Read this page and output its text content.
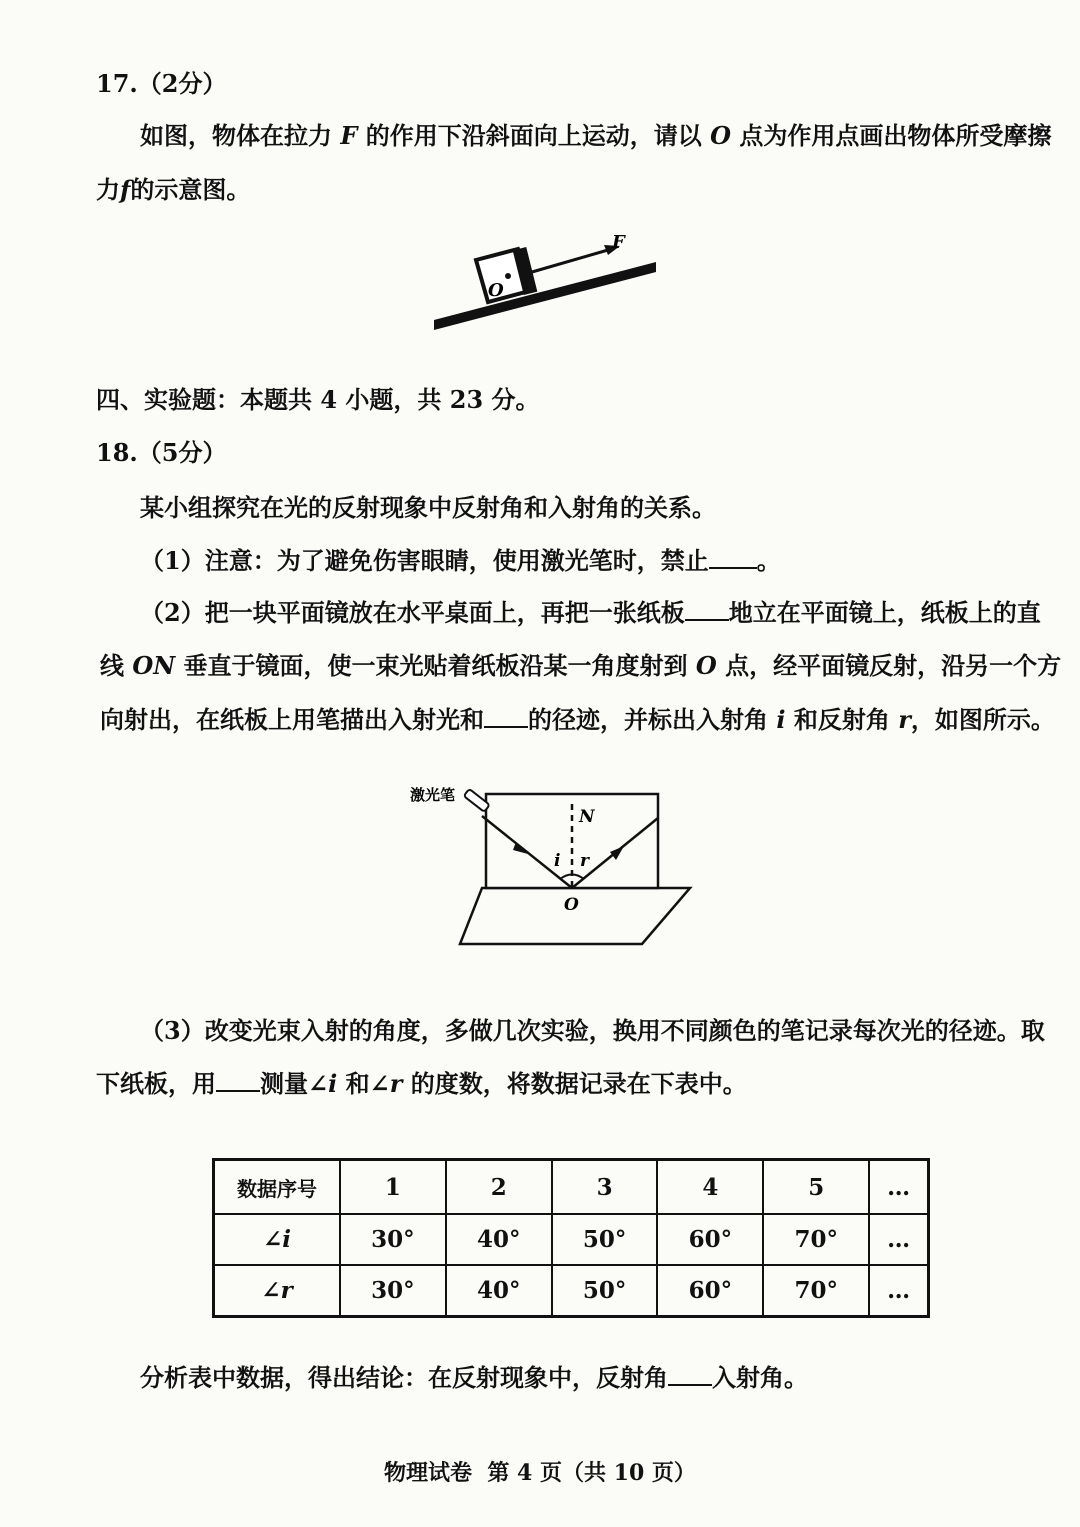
17.（2分）
如图，物体在拉力 F 的作用下沿斜面向上运动，请以 O 点为作用点画出物体所受摩擦
力f的示意图。
F
O
四、实验题：本题共 4 小题，共 23 分。
18.（5分）
某小组探究在光的反射现象中反射角和入射角的关系。
（1）注意：为了避免伤害眼睛，使用激光笔时，禁止 。
（2）把一块平面镜放在水平桌面上，再把一张纸板 地立在平面镜上，纸板上的直
线 ON 垂直于镜面，使一束光贴着纸板沿某一角度射到 O 点，经平面镜反射，沿另一个方
向射出，在纸板上用笔描出入射光和 的径迹，并标出入射角 i 和反射角 r，如图所示。
N
i r
O
激光笔
（3）改变光束入射的角度，多做几次实验，换用不同颜色的笔记录每次光的径迹。取
下纸板，用 测量∠i 和∠r 的度数，将数据记录在下表中。
数据序号	1	2	3	4	5	…
∠i	30°	40°	50°	60°	70°	…
∠r	30°	40°	50°	60°	70°	…
分析表中数据，得出结论：在反射现象中，反射角 入射角。
物理试卷  第 4 页（共 10 页）
